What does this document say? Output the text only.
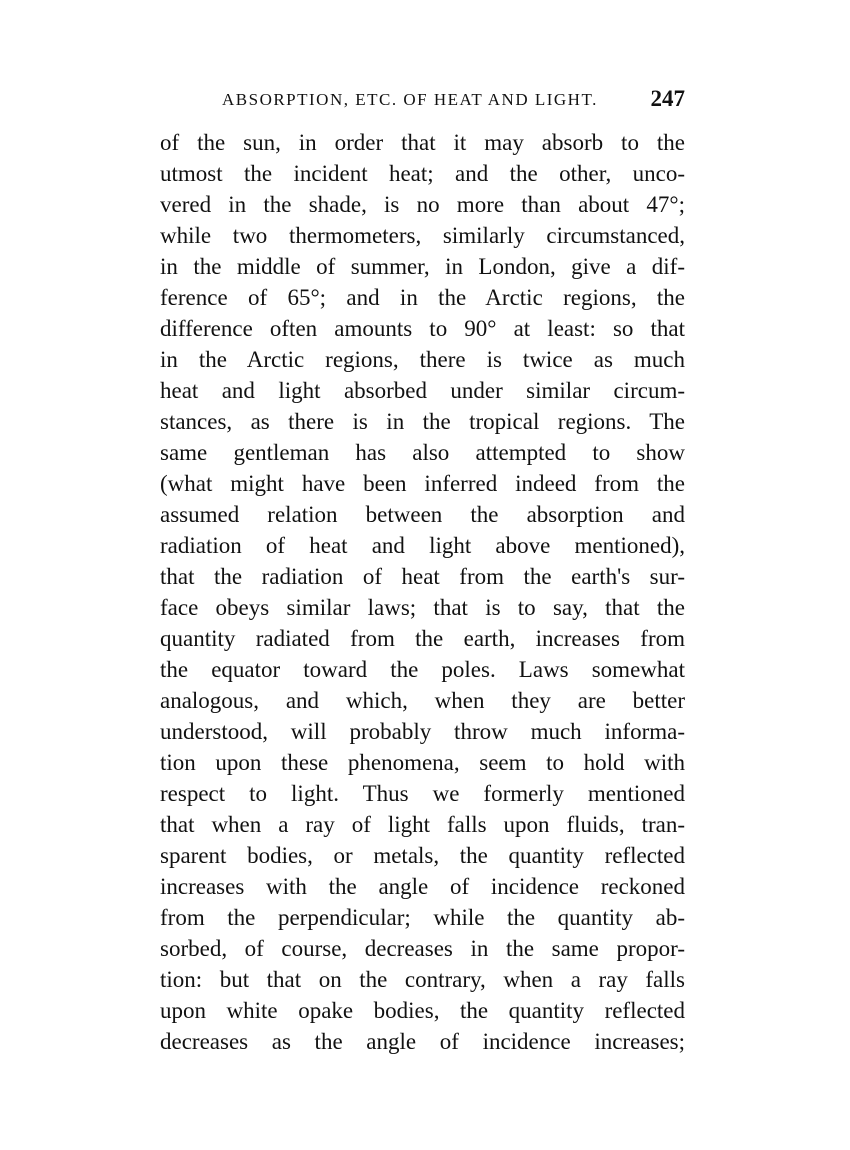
ABSORPTION, ETC. OF HEAT AND LIGHT. 247
of the sun, in order that it may absorb to the
utmost the incident heat; and the other, unco-
vered in the shade, is no more than about 47°;
while two thermometers, similarly circumstanced,
in the middle of summer, in London, give a dif-
ference of 65°; and in the Arctic regions, the
difference often amounts to 90° at least: so that
in the Arctic regions, there is twice as much
heat and light absorbed under similar circum-
stances, as there is in the tropical regions. The
same gentleman has also attempted to show
(what might have been inferred indeed from the
assumed relation between the absorption and
radiation of heat and light above mentioned),
that the radiation of heat from the earth's sur-
face obeys similar laws; that is to say, that the
quantity radiated from the earth, increases from
the equator toward the poles. Laws somewhat
analogous, and which, when they are better
understood, will probably throw much informa-
tion upon these phenomena, seem to hold with
respect to light. Thus we formerly mentioned
that when a ray of light falls upon fluids, tran-
sparent bodies, or metals, the quantity reflected
increases with the angle of incidence reckoned
from the perpendicular; while the quantity ab-
sorbed, of course, decreases in the same propor-
tion: but that on the contrary, when a ray falls
upon white opake bodies, the quantity reflected
decreases as the angle of incidence increases;
